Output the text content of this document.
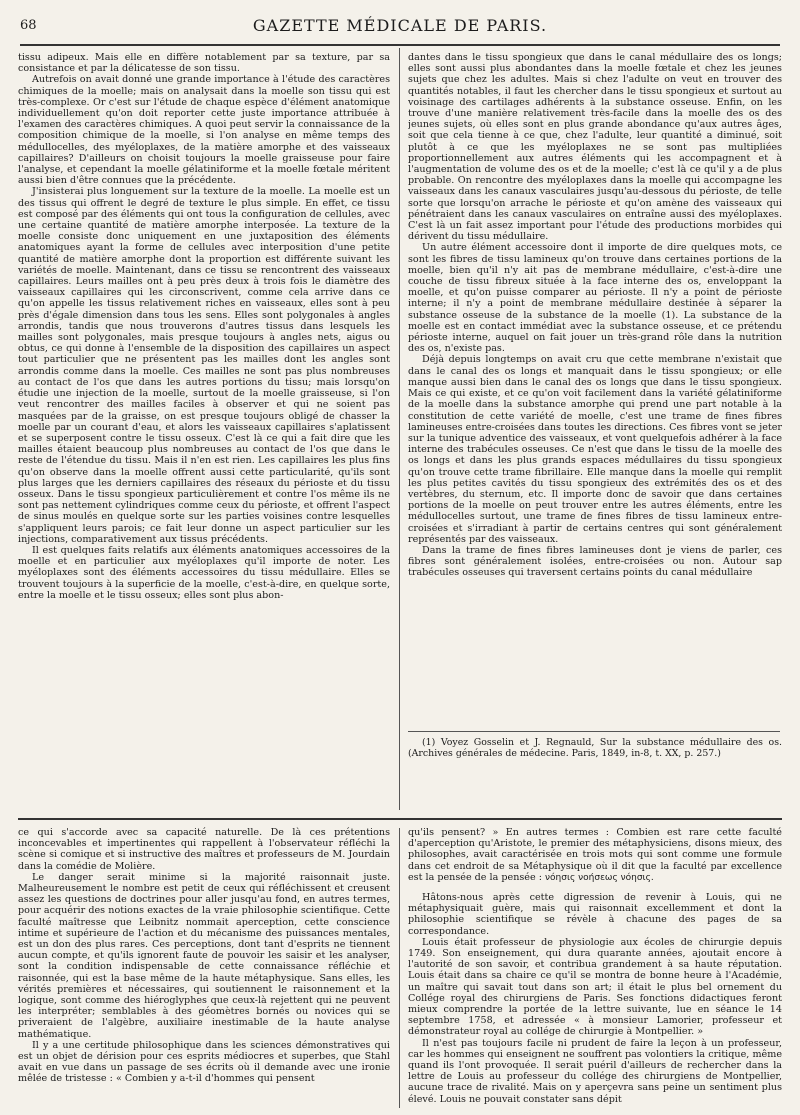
68	GAZETTE MÉDICALE DE PARIS.

tissu adipeux. Mais elle en diffère notablement par sa texture, par sa consistance et par la délicatesse de son tissu.

Autrefois on avait donné une grande importance à l'étude des caractères chimiques de la moelle; mais on analysait dans la moelle son tissu qui est très-complexe. Or c'est sur l'étude de chaque espèce d'élément anatomique individuellement qu'on doit reporter cette juste importance attribuée à l'examen des caractères chimiques. A quoi peut servir la connaissance de la composition chimique de la moelle, si l'on analyse en même temps des médullocelles, des myéloplaxes, de la matière amorphe et des vaisseaux capillaires? D'ailleurs on choisit toujours la moelle graisseuse pour faire l'analyse, et cependant la moelle gélatiniforme et la moelle fœtale méritent aussi bien d'être connues que la précédente.

J'insisterai plus longuement sur la texture de la moelle. La moelle est un des tissus qui offrent le degré de texture le plus simple. En effet, ce tissu est composé par des éléments qui ont tous la configuration de cellules, avec une certaine quantité de matière amorphe interposée. La texture de la moelle consiste donc uniquement en une juxtaposition des éléments anatomiques ayant la forme de cellules avec interposition d'une petite quantité de matière amorphe dont la proportion est différente suivant les variétés de moelle. Maintenant, dans ce tissu se rencontrent des vaisseaux capillaires. Leurs mailles ont à peu près deux à trois fois le diamètre des vaisseaux capillaires qui les circonscrivent, comme cela arrive dans ce qu'on appelle les tissus relativement riches en vaisseaux, elles sont à peu près d'égale dimension dans tous les sens. Elles sont polygonales à angles arrondis, tandis que nous trouverons d'autres tissus dans lesquels les mailles sont polygonales, mais presque toujours à angles nets, aigus ou obtus, ce qui donne à l'ensemble de la disposition des capillaires un aspect tout particulier que ne présentent pas les mailles dont les angles sont arrondis comme dans la moelle. Ces mailles ne sont pas plus nombreuses au contact de l'os que dans les autres portions du tissu; mais lorsqu'on étudie une injection de la moelle, surtout de la moelle graisseuse, si l'on veut rencontrer des mailles faciles à observer et qui ne soient pas masquées par de la graisse, on est presque toujours obligé de chasser la moelle par un courant d'eau, et alors les vaisseaux capillaires s'aplatissent et se superposent contre le tissu osseux. C'est là ce qui a fait dire que les mailles étaient beaucoup plus nombreuses au contact de l'os que dans le reste de l'étendue du tissu. Mais il n'en est rien. Les capillaires les plus fins qu'on observe dans la moelle offrent aussi cette particularité, qu'ils sont plus larges que les derniers capillaires des réseaux du périoste et du tissu osseux. Dans le tissu spongieux particulièrement et contre l'os même ils ne sont pas nettement cylindriques comme ceux du périoste, et offrent l'aspect de sinus moulés en quelque sorte sur les parties voisines contre lesquelles s'appliquent leurs parois; ce fait leur donne un aspect particulier sur les injections, comparativement aux tissus précédents.

Il est quelques faits relatifs aux éléments anatomiques accessoires de la moelle et en particulier aux myéloplaxes qu'il importe de noter. Les myéloplaxes sont des éléments accessoires du tissu médullaire. Elles se trouvent toujours à la superficie de la moelle, c'est-à-dire, en quelque sorte, entre la moelle et le tissu osseux; elles sont plus abon-

dantes dans le tissu spongieux que dans le canal médullaire des os longs; elles sont aussi plus abondantes dans la moelle fœtale et chez les jeunes sujets que chez les adultes. Mais si chez l'adulte on veut en trouver des quantités notables, il faut les chercher dans le tissu spongieux et surtout au voisinage des cartilages adhérents à la substance osseuse. Enfin, on les trouve d'une manière relativement très-facile dans la moelle des os des jeunes sujets, où elles sont en plus grande abondance qu'aux autres âges, soit que cela tienne à ce que, chez l'adulte, leur quantité a diminué, soit plutôt à ce que les myéloplaxes ne se sont pas multipliées proportionnellement aux autres éléments qui les accompagnent et à l'augmentation de volume des os et de la moelle; c'est là ce qu'il y a de plus probable. On rencontre des myéloplaxes dans la moelle qui accompagne les vaisseaux dans les canaux vasculaires jusqu'au-dessous du périoste, de telle sorte que lorsqu'on arrache le périoste et qu'on amène des vaisseaux qui pénétraient dans les canaux vasculaires on entraîne aussi des myéloplaxes. C'est là un fait assez important pour l'étude des productions morbides qui dérivent du tissu médullaire.

Un autre élément accessoire dont il importe de dire quelques mots, ce sont les fibres de tissu lamineux qu'on trouve dans certaines portions de la moelle, bien qu'il n'y ait pas de membrane médullaire, c'est-à-dire une couche de tissu fibreux située à la face interne des os, enveloppant la moelle, et qu'on puisse comparer au périoste. Il n'y a point de périoste interne; il n'y a point de membrane médullaire destinée à séparer la substance osseuse de la substance de la moelle (1). La substance de la moelle est en contact immédiat avec la substance osseuse, et ce prétendu périoste interne, auquel on fait jouer un très-grand rôle dans la nutrition des os, n'existe pas.

Déjà depuis longtemps on avait cru que cette membrane n'existait que dans le canal des os longs et manquait dans le tissu spongieux; or elle manque aussi bien dans le canal des os longs que dans le tissu spongieux. Mais ce qui existe, et ce qu'on voit facilement dans la variété gélatiniforme de la moelle dans la substance amorphe qui prend une part notable à la constitution de cette variété de moelle, c'est une trame de fines fibres lamineuses entre-croisées dans toutes les directions. Ces fibres vont se jeter sur la tunique adventice des vaisseaux, et vont quelquefois adhérer à la face interne des trabécules osseuses. Ce n'est que dans le tissu de la moelle des os longs et dans les plus grands espaces médullaires du tissu spongieux qu'on trouve cette trame fibrillaire. Elle manque dans la moelle qui remplit les plus petites cavités du tissu spongieux des extrémités des os et des vertèbres, du sternum, etc. Il importe donc de savoir que dans certaines portions de la moelle on peut trouver entre les autres éléments, entre les médullocelles surtout, une trame de fines fibres de tissu lamineux entre-croisées et s'irradiant à partir de certains centres qui sont généralement représentés par des vaisseaux.

Dans la trame de fines fibres lamineuses dont je viens de parler, ces fibres sont généralement isolées, entre-croisées ou non. Autour sap trabécules osseuses qui traversent certains points du canal médullaire

(1) Voyez Gosselin et J. Regnauld, Sur la substance médullaire des os. (Archives générales de médecine. Paris, 1849, in-8, t. XX, p. 257.)

ce qui s'accorde avec sa capacité naturelle. De là ces prétentions inconcevables et impertinentes qui rappellent à l'observateur réfléchi la scène si comique et si instructive des maîtres et professeurs de M. Jourdain dans la comédie de Molière.

Le danger serait minime si la majorité raisonnait juste. Malheureusement le nombre est petit de ceux qui réfléchissent et creusent assez les questions de doctrines pour aller jusqu'au fond, en autres termes, pour acquérir des notions exactes de la vraie philosophie scientifique. Cette faculté maîtresse que Leibnitz nommait aperception, cette conscience intime et supérieure de l'action et du mécanisme des puissances mentales, est un don des plus rares. Ces perceptions, dont tant d'esprits ne tiennent aucun compte, et qu'ils ignorent faute de pouvoir les saisir et les analyser, sont la condition indispensable de cette connaissance réfléchie et raisonnée, qui est la base même de la haute métaphysique. Sans elles, les vérités premières et nécessaires, qui soutiennent le raisonnement et la logique, sont comme des hiéroglyphes que ceux-là rejettent qui ne peuvent les interpréter; semblables à des géomètres bornés ou novices qui se priveraient de l'algèbre, auxiliaire inestimable de la haute analyse mathématique.

Il y a une certitude philosophique dans les sciences démonstratives qui est un objet de dérision pour ces esprits médiocres et superbes, que Stahl avait en vue dans un passage de ses écrits où il demande avec une ironie mêlée de tristesse : « Combien y a-t-il d'hommes qui pensent

qu'ils pensent? » En autres termes : Combien est rare cette faculté d'aperception qu'Aristote, le premier des métaphysiciens, disons mieux, des philosophes, avait caractérisée en trois mots qui sont comme une formule dans cet endroit de sa Métaphysique où il dit que la faculté par excellence est la pensée de la pensée : νόησις νοήσεως νόησις.

Hâtons-nous après cette digression de revenir à Louis, qui ne métaphysiquait guère, mais qui raisonnait excellemment et dont la philosophie scientifique se révèle à chacune des pages de sa correspondance.

Louis était professeur de physiologie aux écoles de chirurgie depuis 1749. Son enseignement, qui dura quarante années, ajoutait encore à l'autorité de son savoir, et contribua grandement à sa haute réputation. Louis était dans sa chaire ce qu'il se montra de bonne heure à l'Académie, un maître qui savait tout dans son art; il était le plus bel ornement du Collége royal des chirurgiens de Paris. Ses fonctions didactiques feront mieux comprendre la portée de la lettre suivante, lue en séance le 14 septembre 1758, et adressée « à monsieur Lamorier, professeur et démonstrateur royal au collége de chirurgie à Montpellier. »

Il n'est pas toujours facile ni prudent de faire la leçon à un professeur, car les hommes qui enseignent ne souffrent pas volontiers la critique, même quand ils l'ont provoquée. Il serait puéril d'ailleurs de rechercher dans la lettre de Louis au professeur du collége des chirurgiens de Montpellier, aucune trace de rivalité. Mais on y aperçevra sans peine un sentiment plus élevé. Louis ne pouvait constater sans dépit
